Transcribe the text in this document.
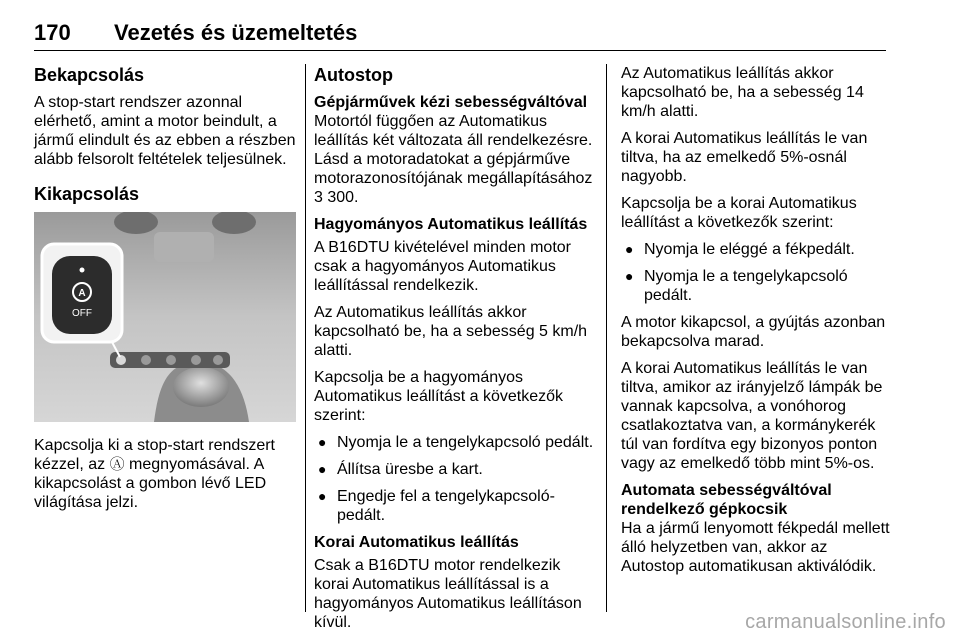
170 Vezetés és üzemeltetés
Bekapcsolás

A stop-start rendszer azonnal elérhető, amint a motor beindult, a jármű elindult és az ebben a részben alább felsorolt feltételek teljesülnek.

Kikapcsolás
A
OFF

Kapcsolja ki a stop-start rendszert kézzel, az Ⓐ megnyomásával. A kikapcsolást a gombon lévő LED világítása jelzi.

Autostop
Gépjárművek kézi sebességváltóval

Motortól függően az Automatikus leállítás két változata áll rendelkezésre. Lásd a motoradatokat a gépjárműve motorazonosítójának megállapításához 3 300.

Hagyományos Automatikus leállítás

A B16DTU kivételével minden motor csak a hagyományos Automatikus leállítással rendelkezik.

Az Automatikus leállítás akkor kapcsolható be, ha a sebesség 5 km/h alatti.

Kapcsolja be a hagyományos Automatikus leállítást a következők szerint:

● Nyomja le a tengelykapcsoló pedált.
● Állítsa üresbe a kart.
● Engedje fel a tengelykapcsoló-pedált.
Korai Automatikus leállítás

Csak a B16DTU motor rendelkezik korai Automatikus leállítással is a hagyományos Automatikus leállításon kívül.

Az Automatikus leállítás akkor kapcsolható be, ha a sebesség 14 km/h alatti.

A korai Automatikus leállítás le van tiltva, ha az emelkedő 5%-osnál nagyobb.

Kapcsolja be a korai Automatikus leállítást a következők szerint:

● Nyomja le eléggé a fékpedált.
● Nyomja le a tengelykapcsoló pedált.

A motor kikapcsol, a gyújtás azonban bekapcsolva marad.

A korai Automatikus leállítás le van tiltva, amikor az irányjelző lámpák be vannak kapcsolva, a vonóhorog csatlakoztatva van, a kormánykerék túl van fordítva egy bizonyos ponton vagy az emelkedő több mint 5%-os.

Automata sebességváltóval rendelkező gépkocsik

Ha a jármű lenyomott fékpedál mellett álló helyzetben van, akkor az Autostop automatikusan aktiválódik.

carmanualsonline.info
